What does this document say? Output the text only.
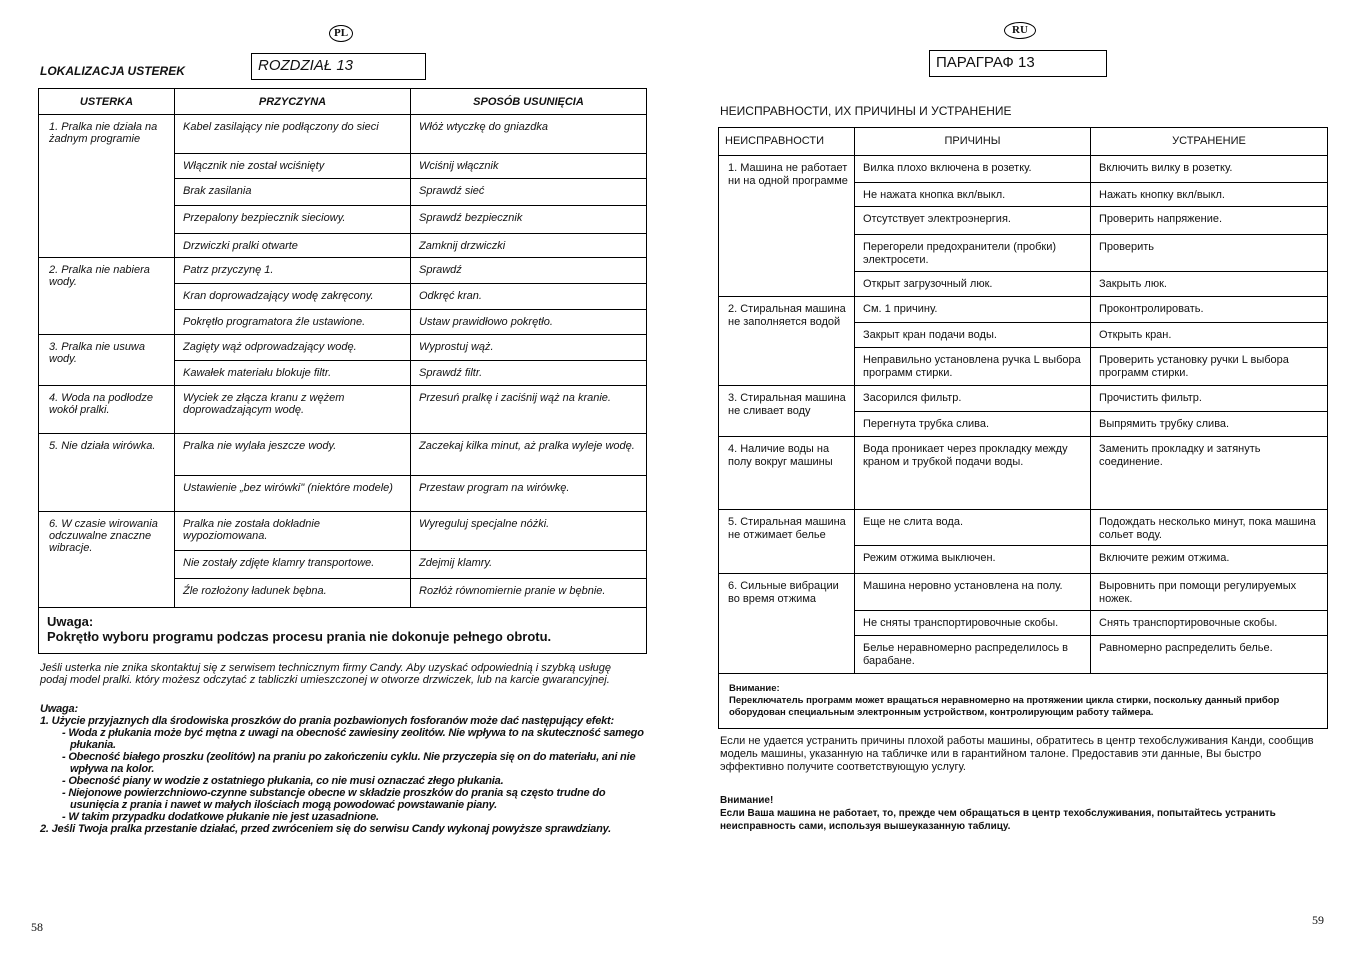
PL
LOKALIZACJA USTEREK	ROZDZIAŁ 13
USTERKA	PRZYCZYNA	SPOSÓB USUNIĘCIA

1. Pralka nie działa na żadnym programie	Kabel zasilający nie podłączony do sieci	Włóż wtyczkę do gniazdka

	Włącznik nie został wciśnięty	Wciśnij włącznik

	Brak zasilania	Sprawdź sieć

	Przepalony bezpiecznik sieciowy.	Sprawdź bezpiecznik

	Drzwiczki pralki otwarte	Zamknij drzwiczki

2. Pralka nie nabiera wody.	Patrz przyczynę 1.	Sprawdź

	Kran doprowadzający wodę zakręcony.	Odkręć kran.

	Pokrętło programatora źle ustawione.	Ustaw prawidłowo pokrętło.

3. Pralka nie usuwa wody.	Zagięty wąż odprowadzający wodę.	Wyprostuj wąż.

	Kawałek materiału blokuje filtr.	Sprawdź filtr.

4. Woda na podłodze wokół pralki.	Wyciek ze złącza kranu z wężem doprowadzającym wodę.	Przesuń pralkę i zaciśnij wąż na kranie.

5. Nie działa wirówka.	Pralka nie wylała jeszcze wody.	Zaczekaj kilka minut, aż pralka wyleje wodę.

	Ustawienie „bez wirówki" (niektóre modele)	Przestaw program na wirówkę.

6. W czasie wirowania odczuwalne znaczne wibracje.	Pralka nie została dokładnie wypoziomowana.	Wyreguluj specjalne nóżki.

	Nie zostały zdjęte klamry transportowe.	Zdejmij klamry.

	Źle rozłożony ładunek bębna.	Rozłóż równomiernie pranie w bębnie.

Uwaga:
Pokrętło wyboru programu podczas procesu prania nie dokonuje pełnego obrotu.		
Jeśli usterka nie znika skontaktuj się z serwisem technicznym firmy Candy. Aby uzyskać odpowiednią i szybką usługę podaj model pralki. który możesz odczytać z tabliczki umieszczonej w otworze drzwiczek, lub na karcie gwarancyjnej.
Uwaga:
1. Użycie przyjaznych dla środowiska proszków do prania pozbawionych fosforanów może dać następujący efekt:
- Woda z płukania może być mętna z uwagi na obecność zawiesiny zeolitów. Nie wpływa to na skuteczność samego płukania.
- Obecność białego proszku (zeolitów) na praniu po zakończeniu cyklu. Nie przyczepia się on do materiału, ani nie wpływa na kolor.
- Obecność piany w wodzie z ostatniego płukania, co nie musi oznaczać złego płukania.
- Niejonowe powierzchniowo-czynne substancje obecne w składzie proszków do prania są często trudne do usunięcia z prania i nawet w małych ilościach mogą powodować powstawanie piany.
- W takim przypadku dodatkowe płukanie nie jest uzasadnione.
2. Jeśli Twoja pralka przestanie działać, przed zwróceniem się do serwisu Candy wykonaj powyższe sprawdziany.
58
RU
ПАРАГРАФ 13
НЕИСПРАВНОСТИ, ИХ ПРИЧИНЫ И УСТРАНЕНИЕ
НЕИСПРАВНОСТИ	ПРИЧИНЫ	УСТРАНЕНИЕ

1. Машина не работает ни на одной программе	Вилка плохо включена в розетку.	Включить вилку в розетку.

	Не нажата кнопка вкл/выкл.	Нажать кнопку вкл/выкл.

	Отсутствует электроэнергия.	Проверить напряжение.

	Перегорели предохранители (пробки) электросети.	Проверить

	Открыт загрузочный люк.	Закрыть люк.

2. Стиральная машина не заполняется водой	См. 1 причину.	Проконтролировать.

	Закрыт кран подачи воды.	Открыть кран.

	Неправильно установлена ручка L выбора программ стирки.	Проверить установку ручки L выбора программ стирки.

3. Стиральная машина не сливает воду	Засорился фильтр.	Прочистить фильтр.

	Перегнута трубка слива.	Выпрямить трубку слива.

4. Наличие воды на полу вокруг машины	Вода проникает через прокладку между краном и трубкой подачи воды.	Заменить прокладку и затянуть соединение.

5. Стиральная машина не отжимает белье	Еще не слита вода.	Подождать несколько минут, пока машина сольет воду.

	Режим отжима выключен.	Включите режим отжима.

6. Сильные вибрации во время отжима	Машина неровно установлена на полу.	Выровнить при помощи регулируемых ножек.

	Не сняты транспортировочные скобы.	Снять транспортировочные скобы.

	Белье неравномерно распределилось в барабане.	Равномерно распределить белье.

Внимание:
Переключатель программ может вращаться неравномерно на протяжении цикла стирки, поскольку данный прибор оборудован специальным электронным устройством, контролирующим работу таймера.		
Если не удается устранить причины плохой работы машины, обратитесь в центр техобслуживания Канди, сообщив модель машины, указанную на табличке или в гарантийном талоне. Предоставив эти данные, Вы быстро эффективно получите соответствующую услугу.
Внимание!
Если Ваша машина не работает, то, прежде чем обращаться в центр техобслуживания, попытайтесь устранить неисправность сами, используя вышеуказанную таблицу.
59
